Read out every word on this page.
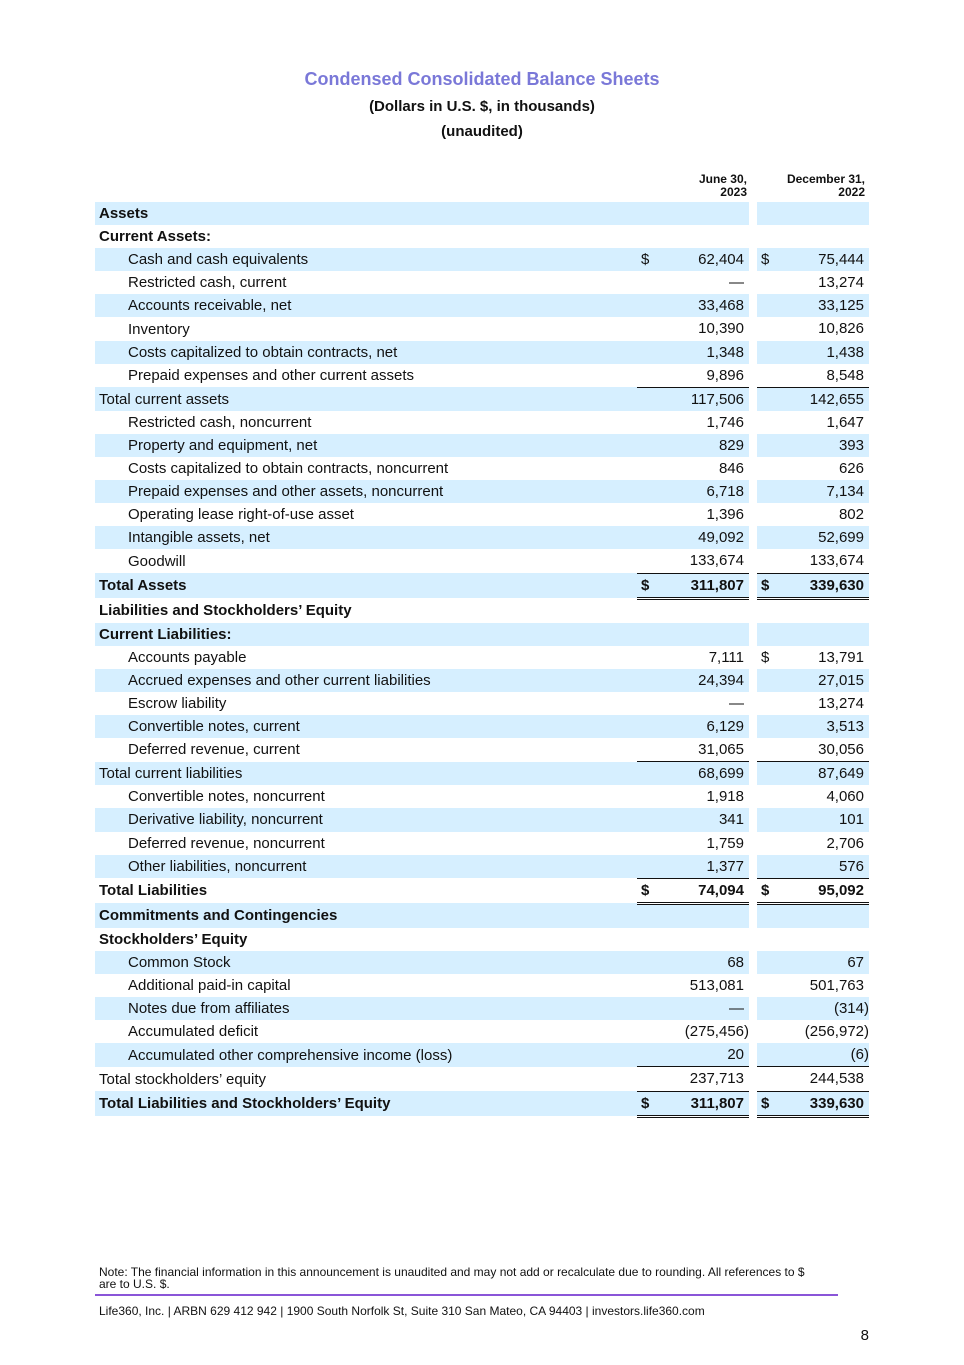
Condensed Consolidated Balance Sheets
(Dollars in U.S. $, in thousands)
(unaudited)
June 30,
2023
December 31,
2022
Assets			
Current Assets:			
Cash and cash equivalents	$ 62,404		$ 75,444

Restricted cash, current	—		13,274

Accounts receivable, net	33,468		33,125

Inventory	10,390		10,826

Costs capitalized to obtain contracts, net	1,348		1,438

Prepaid expenses and other current assets	9,896		8,548

Total current assets	117,506		142,655

Restricted cash, noncurrent	1,746		1,647

Property and equipment, net	829		393

Costs capitalized to obtain contracts, noncurrent	846		626

Prepaid expenses and other assets, noncurrent	6,718		7,134

Operating lease right-of-use asset	1,396		802

Intangible assets, net	49,092		52,699

Goodwill	133,674		133,674

Total Assets	$ 311,807		$ 339,630

Liabilities and Stockholders’ Equity			
Current Liabilities:			
Accounts payable	7,111		$ 13,791

Accrued expenses and other current liabilities	24,394		27,015

Escrow liability	—		13,274

Convertible notes, current	6,129		3,513

Deferred revenue, current	31,065		30,056

Total current liabilities	68,699		87,649

Convertible notes, noncurrent	1,918		4,060

Derivative liability, noncurrent	341		101

Deferred revenue, noncurrent	1,759		2,706

Other liabilities, noncurrent	1,377		576

Total Liabilities	$ 74,094		$ 95,092

Commitments and Contingencies			
Stockholders’ Equity			
Common Stock	68		67

Additional paid-in capital	513,081		501,763

Notes due from affiliates	—		(314)

Accumulated deficit	(275,456)		(256,972)

Accumulated other comprehensive income (loss)	20		(6)

Total stockholders’ equity	237,713		244,538

Total Liabilities and Stockholders’ Equity	$ 311,807		$ 339,630
Note: The financial information in this announcement is unaudited and may not add or recalculate due to rounding. All references to $ are to U.S. $.
Life360, Inc. | ARBN 629 412 942 | 1900 South Norfolk St, Suite 310 San Mateo, CA 94403 | investors.life360.com
8
